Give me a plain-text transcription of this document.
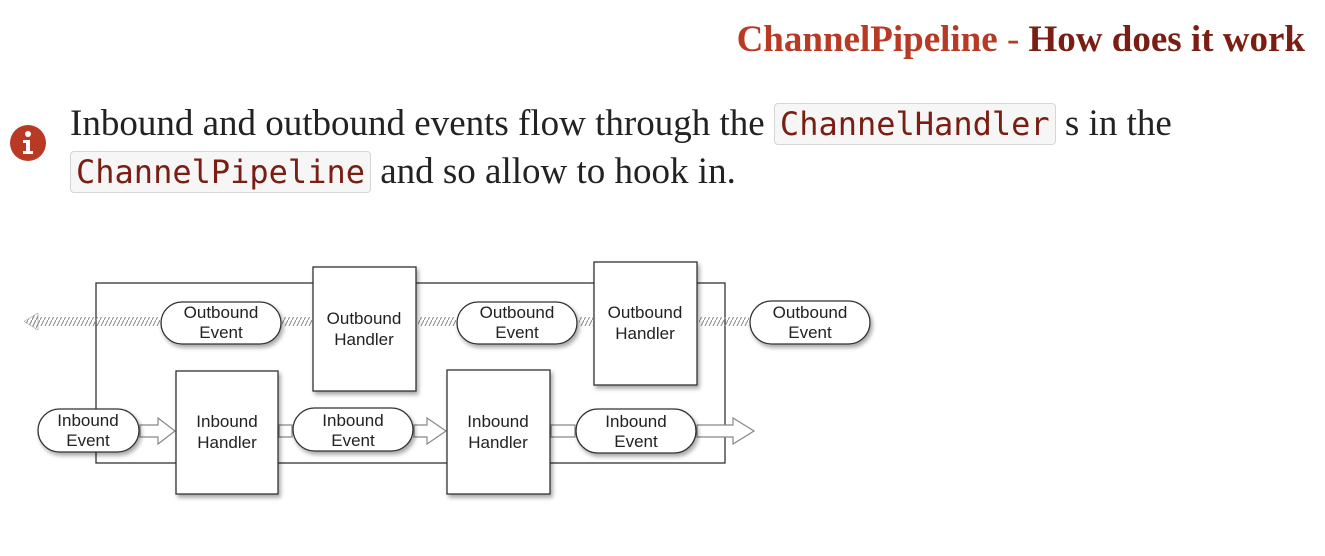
ChannelPipeline - How does it work
Inbound and outbound events flow through the ChannelHandler s in the ChannelPipeline and so allow to hook in.
Outbound
Event
Outbound
Handler
Outbound
Event
Outbound
Handler
Outbound
Event
Inbound
Event
Inbound
Handler
Inbound
Event
Inbound
Handler
Inbound
Event
